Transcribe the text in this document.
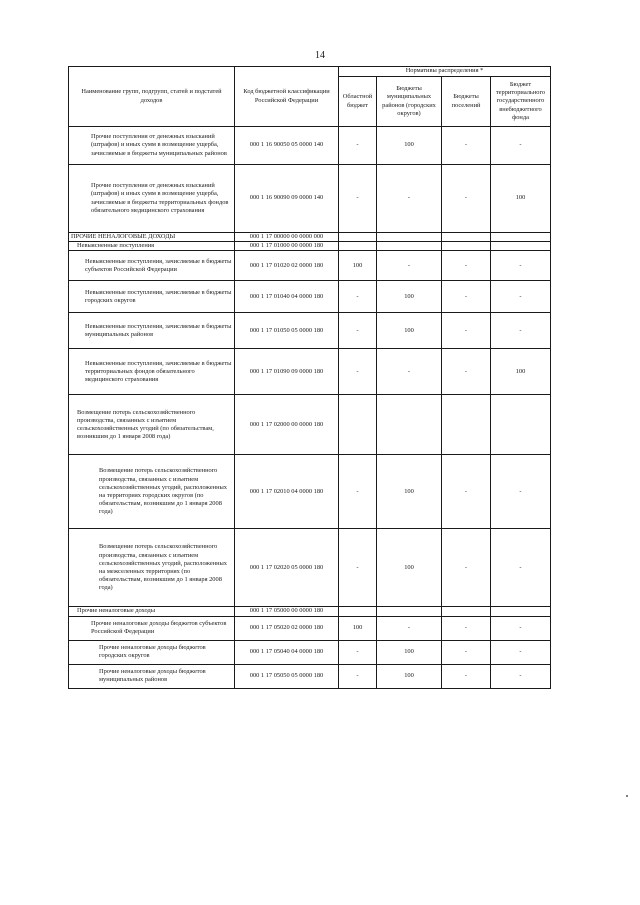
14
Наименование групп, подгрупп, статей и подстатей доходов	Код бюджетной классификации Российской Федерации	Нормативы распределения *			
		Областной бюджет	Бюджеты муниципальных районов (городских округов)	Бюджеты поселений	Бюджет территориального государственного внебюджетного фонда
Прочие поступления от денежных взысканий (штрафов) и иных сумм в возмещение ущерба, зачисляемые в бюджеты муниципальных районов	000 1 16 90050 05 0000 140	-	100	-	-
Прочие поступления от денежных взысканий (штрафов) и иных сумм в возмещение ущерба, зачисляемые в бюджеты территориальных фондов обязательного медицинского страхования	000 1 16 90090 09 0000 140	-	-	-	100
ПРОЧИЕ НЕНАЛОГОВЫЕ ДОХОДЫ	000 1 17 00000 00 0000 000				
Невыясненные поступления	000 1 17 01000 00 0000 180				
Невыясненные поступления, зачисляемые в бюджеты субъектов Российской Федерации	000 1 17 01020 02 0000 180	100	-	-	-
Невыясненные поступления, зачисляемые в бюджеты городских округов	000 1 17 01040 04 0000 180	-	100	-	-
Невыясненные поступления, зачисляемые в бюджеты муниципальных районов	000 1 17 01050 05 0000 180	-	100	-	-
Невыясненные поступления, зачисляемые в бюджеты территориальных фондов обязательного медицинского страхования	000 1 17 01090 09 0000 180	-	-	-	100
Возмещение потерь сельскохозяйственного производства, связанных с изъятием сельскохозяйственных угодий (по обязательствам, возникшим до 1 января 2008 года)	000 1 17 02000 00 0000 180				
Возмещение потерь сельскохозяйственного производства, связанных с изъятием сельскохозяйственных угодий, расположенных на территориях городских округов (по обязательствам, возникшим до 1 января 2008 года)	000 1 17 02010 04 0000 180	-	100	-	-
Возмещение потерь сельскохозяйственного производства, связанных с изъятием сельскохозяйственных угодий, расположенных на межселенных территориях (по обязательствам, возникшим до 1 января 2008 года)	000 1 17 02020 05 0000 180	-	100	-	-
Прочие неналоговые доходы	000 1 17 05000 00 0000 180				
Прочие неналоговые доходы бюджетов субъектов Российской Федерации	000 1 17 05020 02 0000 180	100	-	-	-
Прочие неналоговые доходы бюджетов городских округов	000 1 17 05040 04 0000 180	-	100	-	-
Прочие неналоговые доходы бюджетов муниципальных районов	000 1 17 05050 05 0000 180	-	100	-	-
